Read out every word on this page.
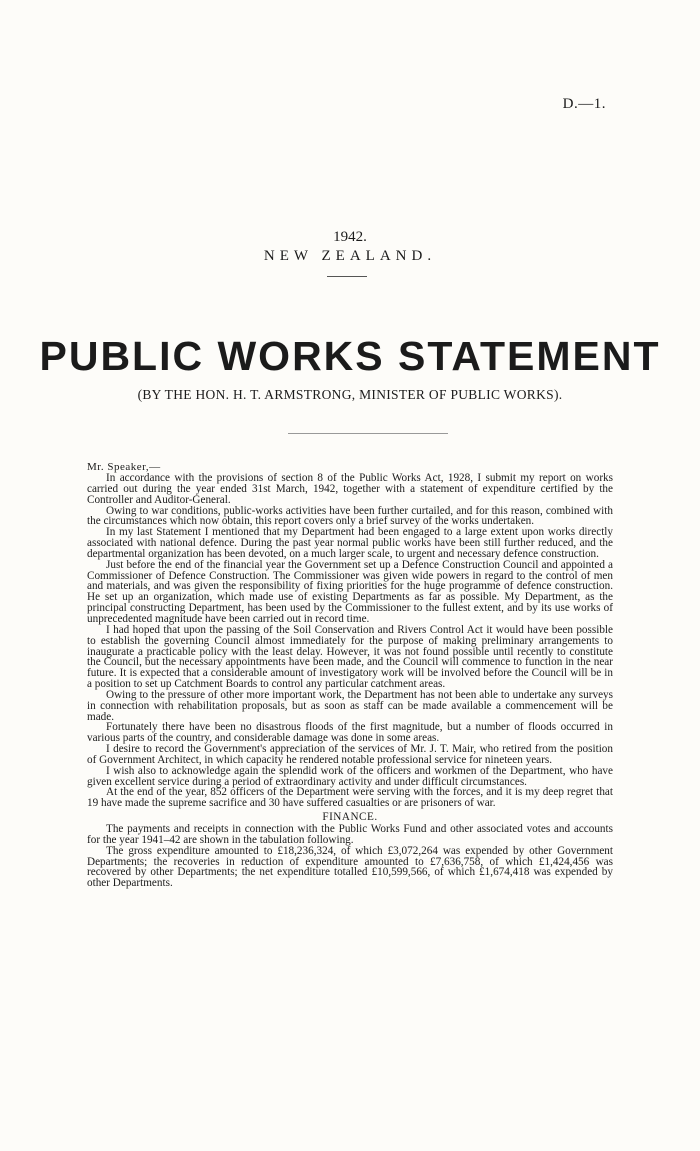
D.—1.
1942.
NEW ZEALAND.
PUBLIC WORKS STATEMENT
(BY THE HON. H. T. ARMSTRONG, MINISTER OF PUBLIC WORKS).
Mr. Speaker,—

In accordance with the provisions of section 8 of the Public Works Act, 1928, I submit my report on works carried out during the year ended 31st March, 1942, together with a statement of expenditure certified by the Controller and Auditor-General.

Owing to war conditions, public-works activities have been further curtailed, and for this reason, combined with the circumstances which now obtain, this report covers only a brief survey of the works undertaken.

In my last Statement I mentioned that my Department had been engaged to a large extent upon works directly associated with national defence. During the past year normal public works have been still further reduced, and the departmental organization has been devoted, on a much larger scale, to urgent and necessary defence construction.

Just before the end of the financial year the Government set up a Defence Construction Council and appointed a Commissioner of Defence Construction. The Commissioner was given wide powers in regard to the control of men and materials, and was given the responsibility of fixing priorities for the huge programme of defence construction. He set up an organization, which made use of existing Departments as far as possible. My Department, as the principal constructing Department, has been used by the Commissioner to the fullest extent, and by its use works of unprecedented magnitude have been carried out in record time.

I had hoped that upon the passing of the Soil Conservation and Rivers Control Act it would have been possible to establish the governing Council almost immediately for the purpose of making preliminary arrangements to inaugurate a practicable policy with the least delay. However, it was not found possible until recently to constitute the Council, but the necessary appointments have been made, and the Council will commence to function in the near future. It is expected that a considerable amount of investigatory work will be involved before the Council will be in a position to set up Catchment Boards to control any particular catchment areas.

Owing to the pressure of other more important work, the Department has not been able to undertake any surveys in connection with rehabilitation proposals, but as soon as staff can be made available a commencement will be made.

Fortunately there have been no disastrous floods of the first magnitude, but a number of floods occurred in various parts of the country, and considerable damage was done in some areas.

I desire to record the Government's appreciation of the services of Mr. J. T. Mair, who retired from the position of Government Architect, in which capacity he rendered notable professional service for nineteen years.

I wish also to acknowledge again the splendid work of the officers and workmen of the Department, who have given excellent service during a period of extraordinary activity and under difficult circumstances.

At the end of the year, 852 officers of the Department were serving with the forces, and it is my deep regret that 19 have made the supreme sacrifice and 30 have suffered casualties or are prisoners of war.

FINANCE.

The payments and receipts in connection with the Public Works Fund and other associated votes and accounts for the year 1941–42 are shown in the tabulation following.

The gross expenditure amounted to £18,236,324, of which £3,072,264 was expended by other Government Departments; the recoveries in reduction of expenditure amounted to £7,636,758, of which £1,424,456 was recovered by other Departments; the net expenditure totalled £10,599,566, of which £1,674,418 was expended by other Departments.
